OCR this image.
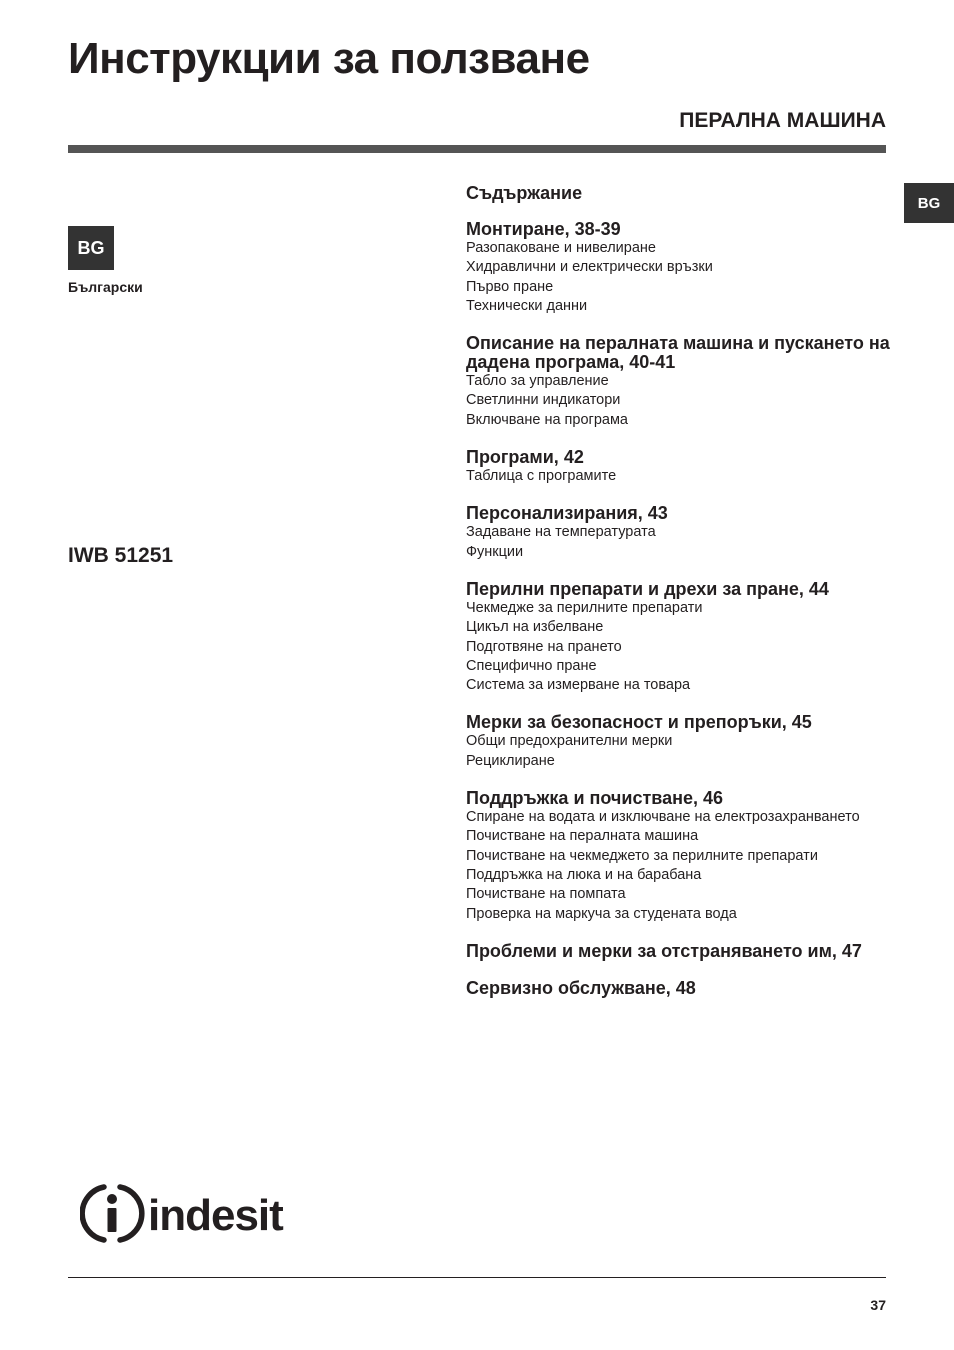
Инструкции за ползване
ПЕРАЛНА МАШИНА
BG
BG
Български
IWB 51251
Съдържание
Монтиране, 38-39
Разопаковане и нивелиране
Хидравлични и електрически връзки
Първо пране
Технически данни
Описание на пералната машина и пускането на дадена програма, 40-41
Табло за управление
Светлинни индикатори
Включване на програма
Програми, 42
Таблица с програмите
Персонализирания, 43
Задаване на температурата
Функции
Перилни препарати и дрехи за пране, 44
Чекмедже за перилните препарати
Цикъл на избелване
Подготвяне на прането
Специфично пране
Система за измерване на товара
Мерки за безопасност и препоръки, 45
Общи предохранителни мерки
Рециклиране
Поддръжка и почистване, 46
Спиране на водата и изключване на електрозахранването
Почистване на пералната машина
Почистване на чекмеджето за перилните препарати
Поддръжка на люка и на барабана
Почистване на помпата
Проверка на маркуча за студената вода
Проблеми и мерки за отстраняването им, 47
Сервизно обслужване, 48
indesit
37
